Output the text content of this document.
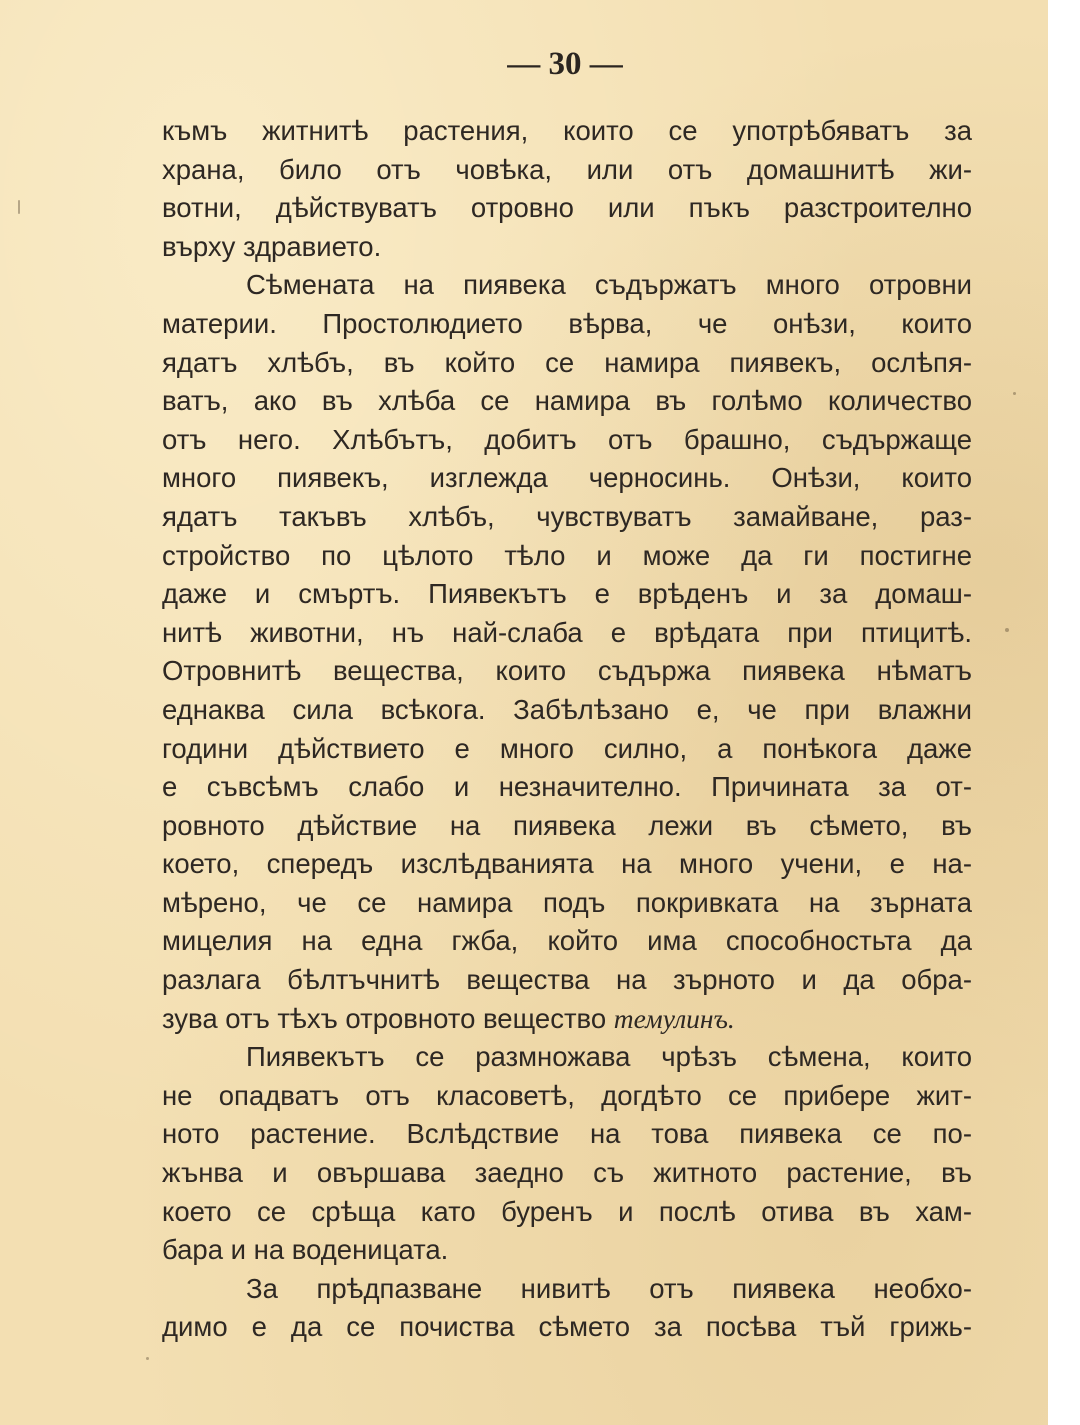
— 30 —
къмъ житнитѣ растения, които се употрѣбяватъ за
храна, било отъ човѣка, или отъ домашнитѣ жи-
вотни, дѣйствуватъ отровно или пъкъ разстроително
върху здравието.
Сѣмената на пиявека съдържатъ много отровни
материи. Простолюдието вѣрва, че онѣзи, които
ядатъ хлѣбъ, въ който се намира пиявекъ, ослѣпя-
ватъ, ако въ хлѣба се намира въ голѣмо количество
отъ него. Хлѣбътъ, добитъ отъ брашно, съдържаще
много пиявекъ, изглежда черносинь. Онѣзи, които
ядатъ такъвъ хлѣбъ, чувствуватъ замайване, раз-
стройство по цѣлото тѣло и може да ги постигне
даже и смъртъ. Пиявекътъ е врѣденъ и за домаш-
нитѣ животни, нъ най-слаба е врѣдата при птицитѣ.
Отровнитѣ вещества, които съдържа пиявека нѣматъ
еднаква сила всѣкога. Забѣлѣзано е, че при влажни
години дѣйствието е много силно, а понѣкога даже
е съвсѣмъ слабо и незначително. Причината за от-
ровното дѣйствие на пиявека лежи въ сѣмето, въ
което, спередъ изслѣдванията на много учени, е на-
мѣрено, че се намира подъ покривката на зърната
мицелия на една гжба, който има способностьта да
разлага бѣлтъчнитѣ вещества на зърното и да обра-
зува отъ тѣхъ отровното вещество темулинъ.
Пиявекътъ се размножава чрѣзъ сѣмена, които
не опадватъ отъ класоветѣ, догдѣто се прибере жит-
ното растение. Вслѣдствие на това пиявека се по-
жънва и овършава заедно съ житното растение, въ
което се срѣща като буренъ и послѣ отива въ хам-
бара и на воденицата.
За прѣдпазване нивитѣ отъ пиявека необхо-
димо е да се почиства сѣмето за посѣва тъй грижь-
